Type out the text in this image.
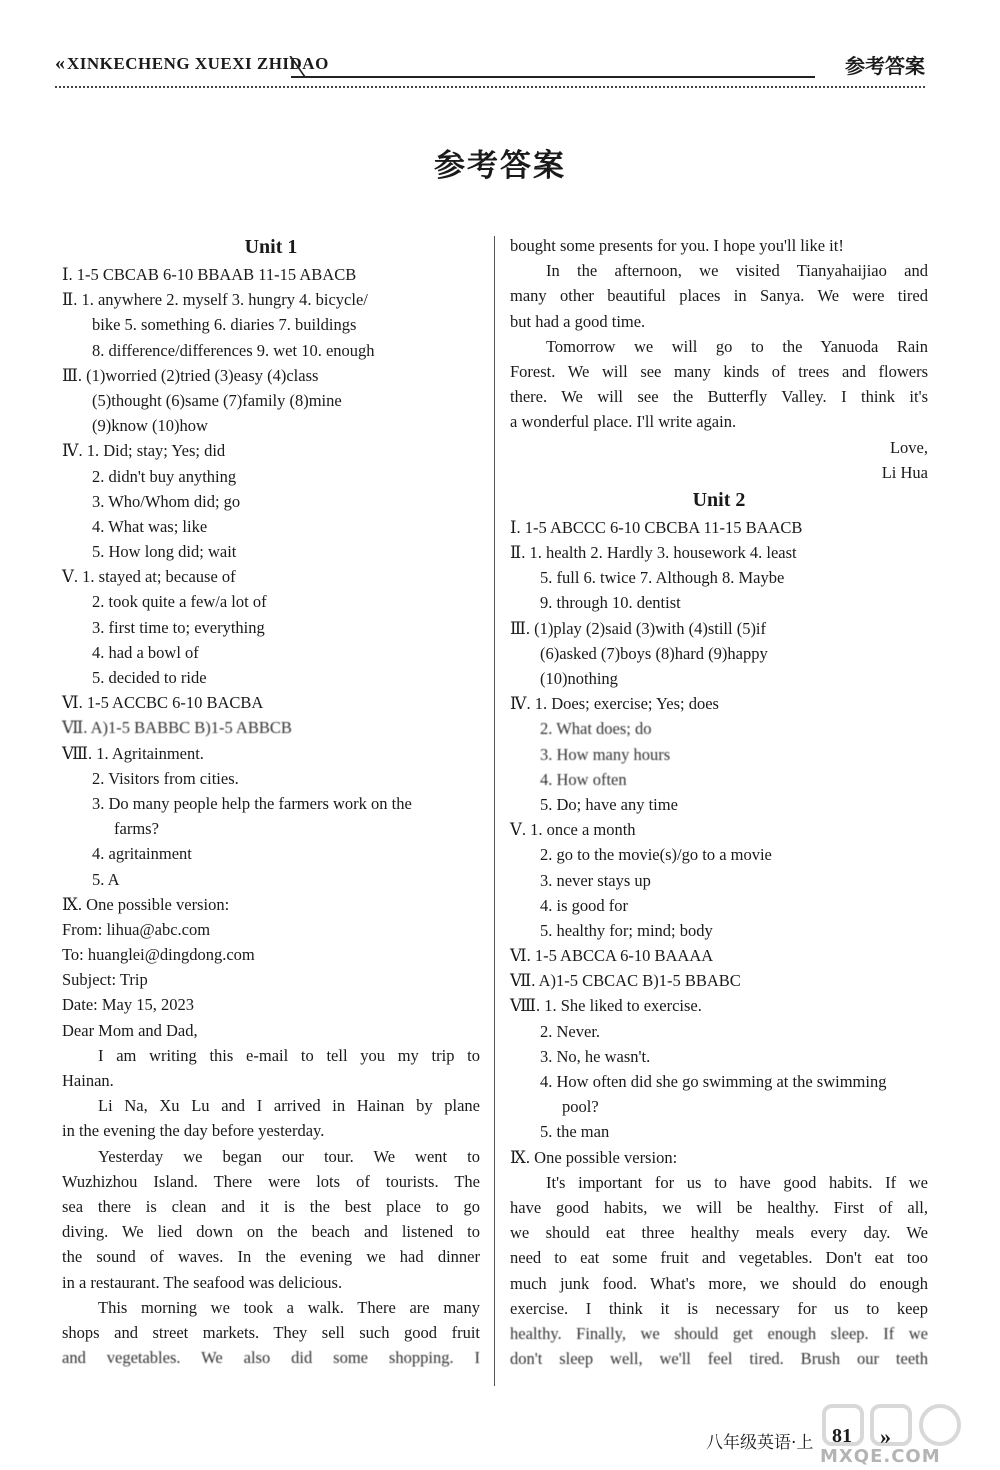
« XINKECHENG XUEXI ZHIDAO	参考答案
参考答案
Unit 1
Ⅰ. 1-5 CBCAB 6-10 BBAAB 11-15 ABACB
Ⅱ. 1. anywhere 2. myself 3. hungry 4. bicycle/
bike 5. something 6. diaries 7. buildings
8. difference/differences 9. wet 10. enough
Ⅲ. (1)worried (2)tried (3)easy (4)class
(5)thought (6)same (7)family (8)mine
(9)know (10)how
Ⅳ. 1. Did; stay; Yes; did
2. didn't buy anything
3. Who/Whom did; go
4. What was; like
5. How long did; wait
Ⅴ. 1. stayed at; because of
2. took quite a few/a lot of
3. first time to; everything
4. had a bowl of
5. decided to ride
Ⅵ. 1-5 ACCBC 6-10 BACBA
Ⅶ. A)1-5 BABBC B)1-5 ABBCB
Ⅷ. 1. Agritainment.
2. Visitors from cities.
3. Do many people help the farmers work on the
farms?
4. agritainment
5. A
Ⅸ. One possible version:
From: lihua@abc.com
To: huanglei@dingdong.com
Subject: Trip
Date: May 15, 2023
Dear Mom and Dad,
I am writing this e-mail to tell you my trip to
Hainan.
Li Na, Xu Lu and I arrived in Hainan by plane
in the evening the day before yesterday.
Yesterday we began our tour. We went to
Wuzhizhou Island. There were lots of tourists. The
sea there is clean and it is the best place to go
diving. We lied down on the beach and listened to
the sound of waves. In the evening we had dinner
in a restaurant. The seafood was delicious.
This morning we took a walk. There are many
shops and street markets. They sell such good fruit
and vegetables. We also did some shopping. I
bought some presents for you. I hope you'll like it!
In the afternoon, we visited Tianyahaijiao and
many other beautiful places in Sanya. We were tired
but had a good time.
Tomorrow we will go to the Yanuoda Rain
Forest. We will see many kinds of trees and flowers
there. We will see the Butterfly Valley. I think it's
a wonderful place. I'll write again.
Love,
Li Hua
Unit 2
Ⅰ. 1-5 ABCCC 6-10 CBCBA 11-15 BAACB
Ⅱ. 1. health 2. Hardly 3. housework 4. least
5. full 6. twice 7. Although 8. Maybe
9. through 10. dentist
Ⅲ. (1)play (2)said (3)with (4)still (5)if
(6)asked (7)boys (8)hard (9)happy
(10)nothing
Ⅳ. 1. Does; exercise; Yes; does
2. What does; do
3. How many hours
4. How often
5. Do; have any time
Ⅴ. 1. once a month
2. go to the movie(s)/go to a movie
3. never stays up
4. is good for
5. healthy for; mind; body
Ⅵ. 1-5 ABCCA 6-10 BAAAA
Ⅶ. A)1-5 CBCAC B)1-5 BBABC
Ⅷ. 1. She liked to exercise.
2. Never.
3. No, he wasn't.
4. How often did she go swimming at the swimming
pool?
5. the man
Ⅸ. One possible version:
It's important for us to have good habits. If we
have good habits, we will be healthy. First of all,
we should eat three healthy meals every day. We
need to eat some fruit and vegetables. Don't eat too
much junk food. What's more, we should do enough
exercise. I think it is necessary for us to keep
healthy. Finally, we should get enough sleep. If we
don't sleep well, we'll feel tired. Brush our teeth
八年级英语·上 81 »
MXQE.COM
